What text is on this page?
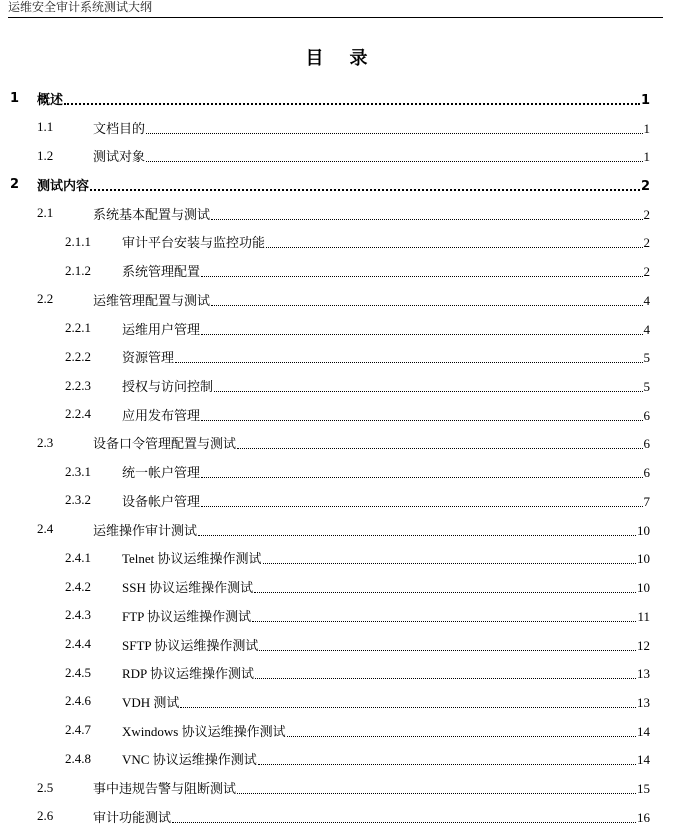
运维安全审计系统测试大纲
目录
1 概述	1
1.1	文档目的	1
1.2	测试对象	1
2 测试内容	2
2.1	系统基本配置与测试	2
2.1.1 审计平台安装与监控功能	2
2.1.2 系统管理配置	2
2.2	运维管理配置与测试	4
2.2.1 运维用户管理	4
2.2.2 资源管理	5
2.2.3 授权与访问控制	5
2.2.4 应用发布管理	6
2.3	设备口令管理配置与测试	6
2.3.1 统一帐户管理	6
2.3.2 设备帐户管理	7
2.4	运维操作审计测试	10
2.4.1 Telnet 协议运维操作测试	10
2.4.2 SSH 协议运维操作测试	10
2.4.3 FTP 协议运维操作测试	11
2.4.4 SFTP 协议运维操作测试	12
2.4.5 RDP 协议运维操作测试	13
2.4.6 VDH 测试	13
2.4.7 Xwindows 协议运维操作测试	14
2.4.8 VNC 协议运维操作测试	14
2.5	事中违规告警与阻断测试	15
2.6	审计功能测试	16
